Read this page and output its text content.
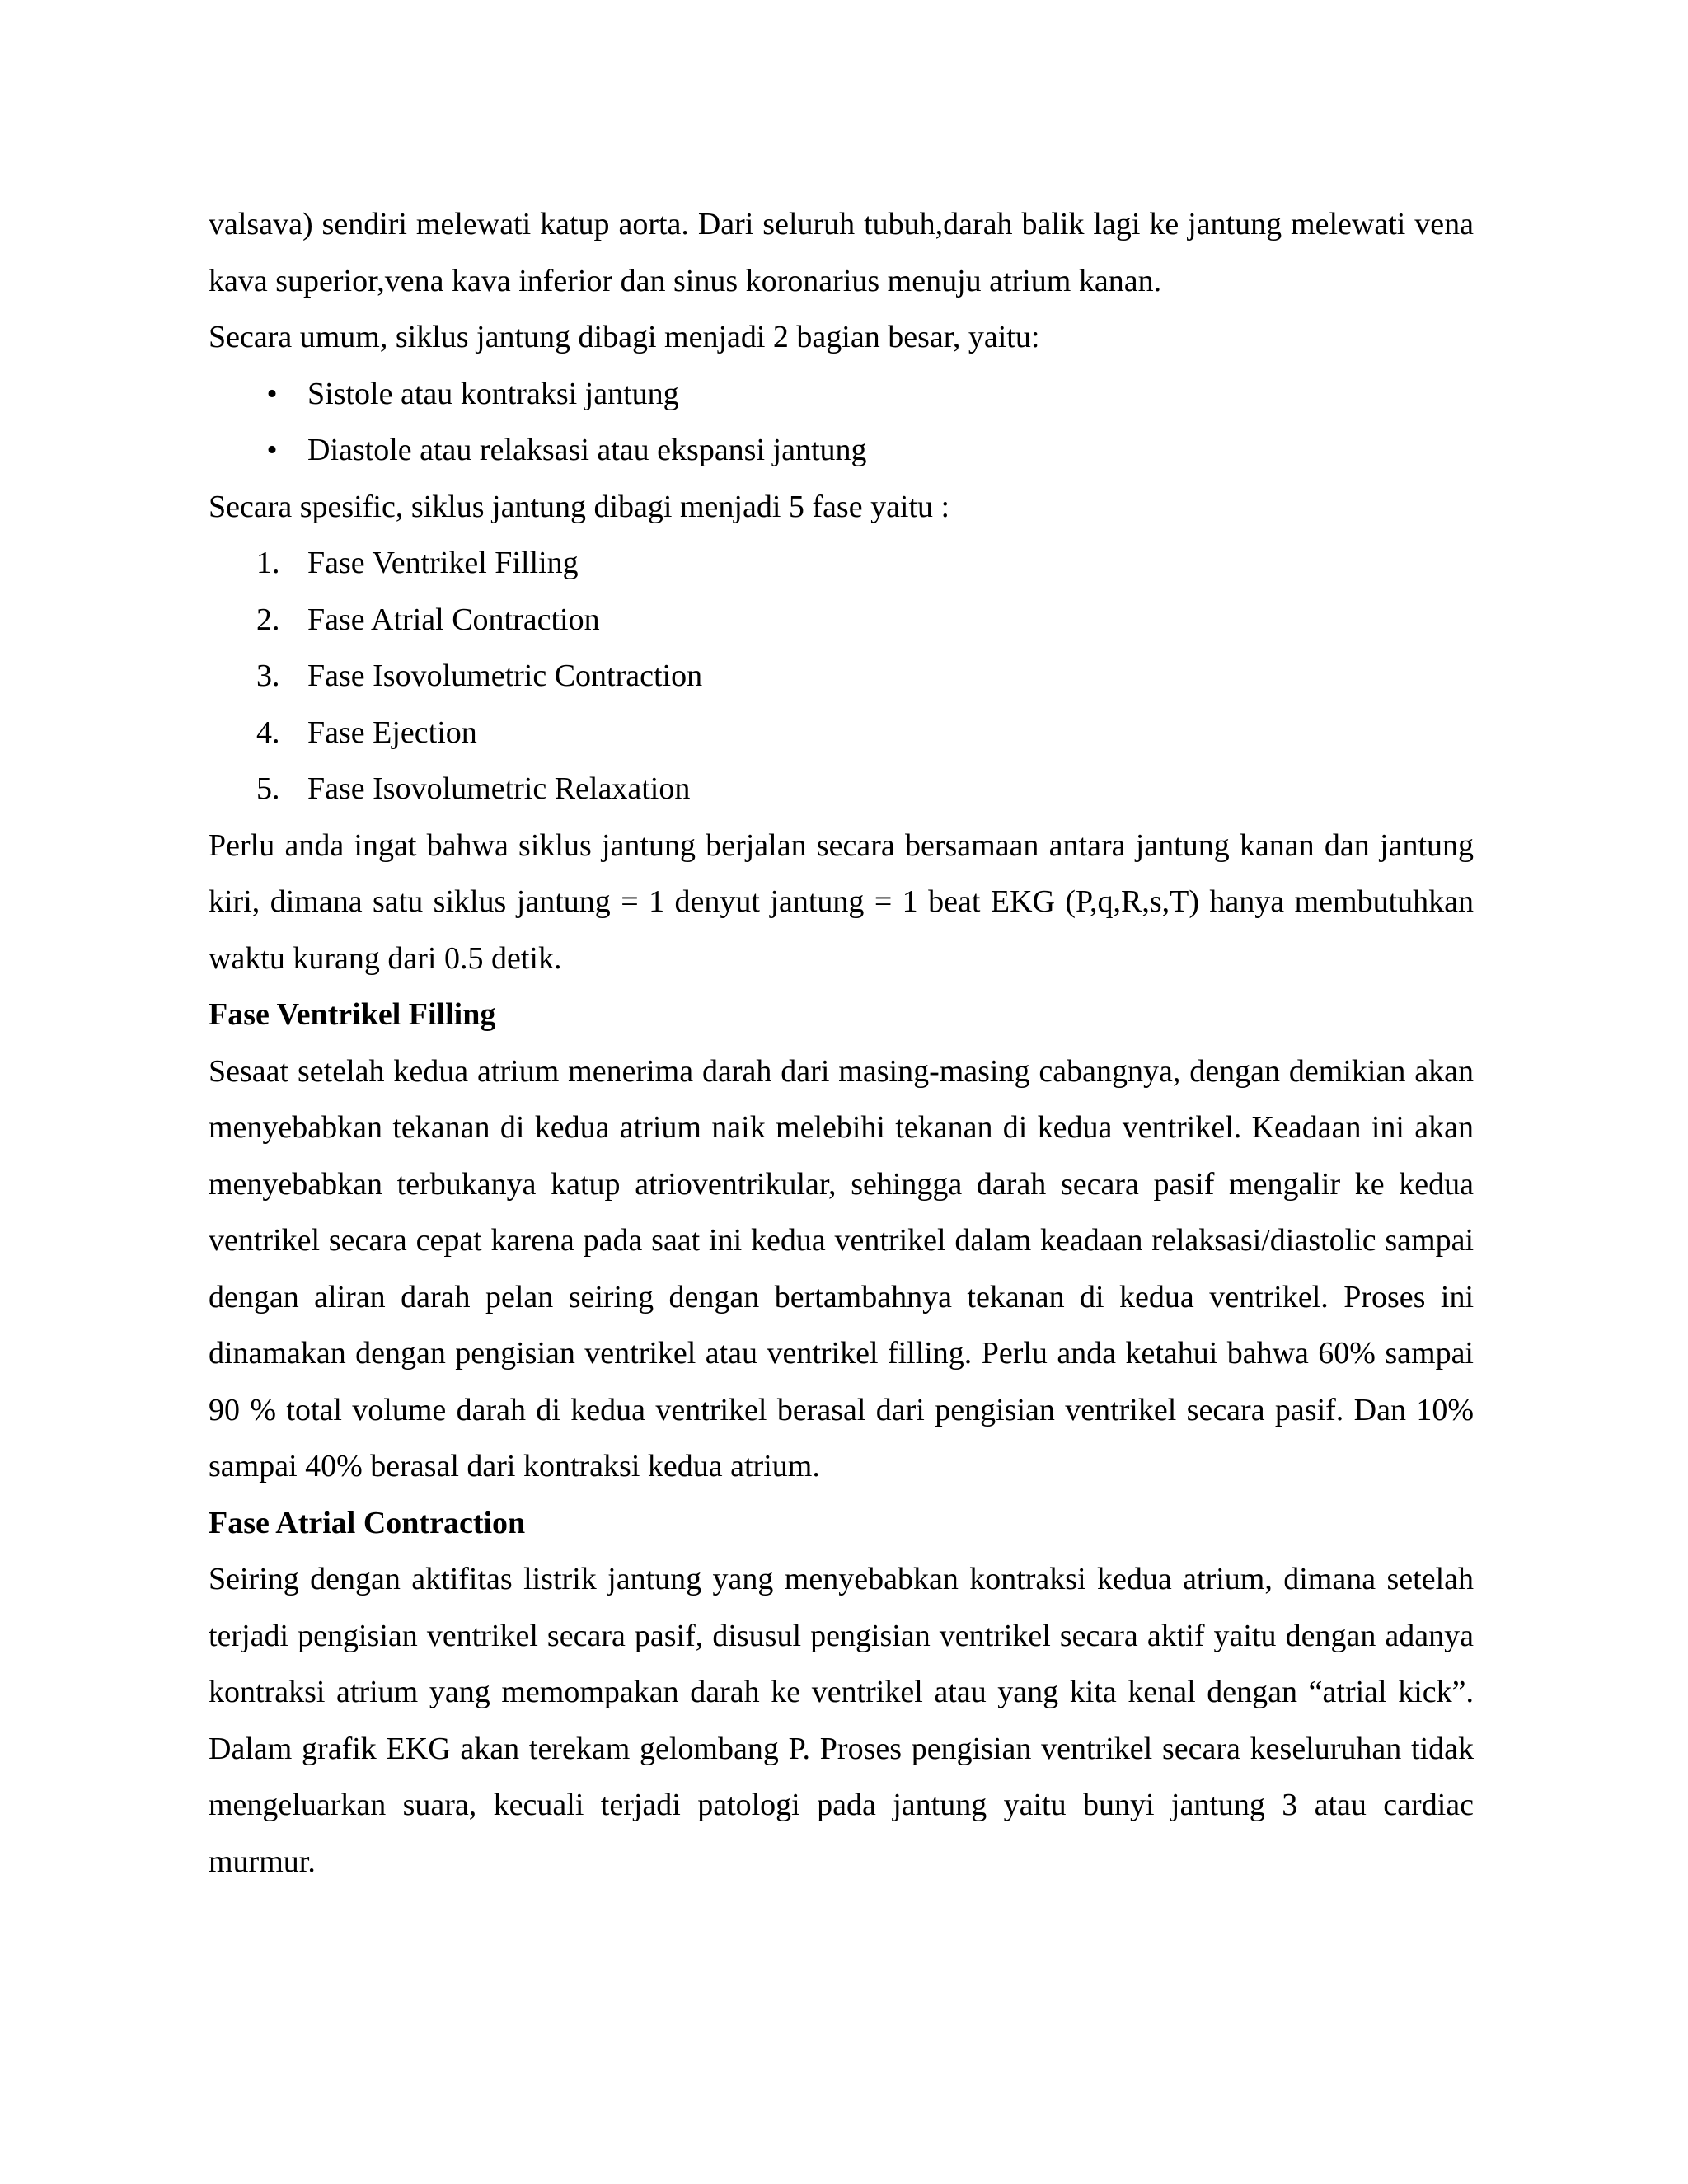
valsava) sendiri melewati katup aorta. Dari seluruh tubuh,darah balik lagi ke jantung melewati vena kava superior,vena kava inferior dan sinus koronarius menuju atrium kanan.

Secara umum, siklus jantung dibagi menjadi 2 bagian besar, yaitu:

• Sistole atau kontraksi jantung
• Diastole atau relaksasi atau ekspansi jantung

Secara spesific, siklus jantung dibagi menjadi 5 fase yaitu :

1. Fase Ventrikel Filling
2. Fase Atrial Contraction
3. Fase Isovolumetric Contraction
4. Fase Ejection
5. Fase Isovolumetric Relaxation

Perlu anda ingat bahwa siklus jantung berjalan secara bersamaan antara jantung kanan dan jantung kiri, dimana satu siklus jantung = 1 denyut jantung = 1 beat EKG (P,q,R,s,T) hanya membutuhkan waktu kurang dari 0.5 detik.

Fase Ventrikel Filling

Sesaat setelah kedua atrium menerima darah dari masing-masing cabangnya, dengan demikian akan menyebabkan tekanan di kedua atrium naik melebihi tekanan di kedua ventrikel. Keadaan ini akan menyebabkan terbukanya katup atrioventrikular, sehingga darah secara pasif mengalir ke kedua ventrikel secara cepat karena pada saat ini kedua ventrikel dalam keadaan relaksasi/diastolic sampai dengan aliran darah pelan seiring dengan bertambahnya tekanan di kedua ventrikel. Proses ini dinamakan dengan pengisian ventrikel atau ventrikel filling. Perlu anda ketahui bahwa 60% sampai 90 % total volume darah di kedua ventrikel berasal dari pengisian ventrikel secara pasif. Dan 10% sampai 40% berasal dari kontraksi kedua atrium.

Fase Atrial Contraction

Seiring dengan aktifitas listrik jantung yang menyebabkan kontraksi kedua atrium, dimana setelah terjadi pengisian ventrikel secara pasif, disusul pengisian ventrikel secara aktif yaitu dengan adanya kontraksi atrium yang memompakan darah ke ventrikel atau yang kita kenal dengan “atrial kick”. Dalam grafik EKG akan terekam gelombang P. Proses pengisian ventrikel secara keseluruhan tidak mengeluarkan suara, kecuali terjadi patologi pada jantung yaitu bunyi jantung 3 atau cardiac murmur.
